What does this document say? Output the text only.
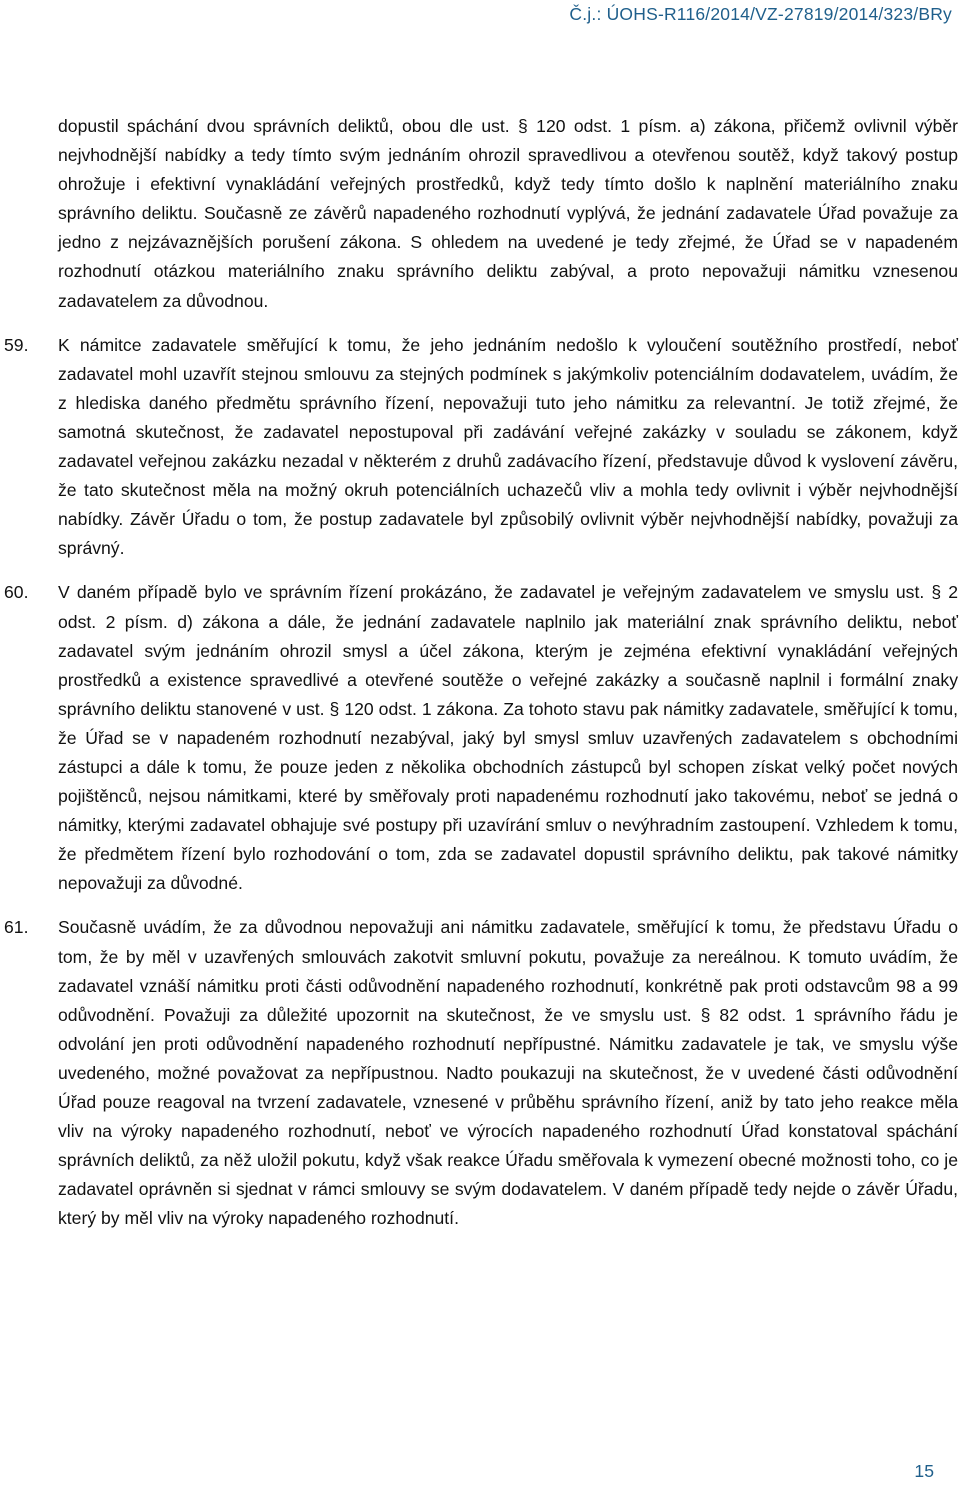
Č.j.: ÚOHS-R116/2014/VZ-27819/2014/323/BRy

dopustil spáchání dvou správních deliktů, obou dle ust. § 120 odst. 1 písm. a) zákona, přičemž ovlivnil výběr nejvhodnější nabídky a tedy tímto svým jednáním ohrozil spravedlivou a otevřenou soutěž, když takový postup ohrožuje i efektivní vynakládání veřejných prostředků, když tedy tímto došlo k naplnění materiálního znaku správního deliktu. Současně ze závěrů napadeného rozhodnutí vyplývá, že jednání zadavatele Úřad považuje za jedno z nejzávaznějších porušení zákona. S ohledem na uvedené je tedy zřejmé, že Úřad se v napadeném rozhodnutí otázkou materiálního znaku správního deliktu zabýval, a proto nepovažuji námitku vznesenou zadavatelem za důvodnou.

59.	K námitce zadavatele směřující k tomu, že jeho jednáním nedošlo k vyloučení soutěžního prostředí, neboť zadavatel mohl uzavřít stejnou smlouvu za stejných podmínek s jakýmkoliv potenciálním dodavatelem, uvádím, že z hlediska daného předmětu správního řízení, nepovažuji tuto jeho námitku za relevantní. Je totiž zřejmé, že samotná skutečnost, že zadavatel nepostupoval při zadávání veřejné zakázky v souladu se zákonem, když zadavatel veřejnou zakázku nezadal v některém z druhů zadávacího řízení, představuje důvod k vyslovení závěru, že tato skutečnost měla na možný okruh potenciálních uchazečů vliv a mohla tedy ovlivnit i výběr nejvhodnější nabídky. Závěr Úřadu o tom, že postup zadavatele byl způsobilý ovlivnit výběr nejvhodnější nabídky, považuji za správný.

60.	V daném případě bylo ve správním řízení prokázáno, že zadavatel je veřejným zadavatelem ve smyslu ust. § 2 odst. 2 písm. d) zákona a dále, že jednání zadavatele naplnilo jak materiální znak správního deliktu, neboť zadavatel svým jednáním ohrozil smysl a účel zákona, kterým je zejména efektivní vynakládání veřejných prostředků a existence spravedlivé a otevřené soutěže o veřejné zakázky a současně naplnil i formální znaky správního deliktu stanovené v ust. § 120 odst. 1 zákona. Za tohoto stavu pak námitky zadavatele, směřující k tomu, že Úřad se v napadeném rozhodnutí nezabýval, jaký byl smysl smluv uzavřených zadavatelem s obchodními zástupci a dále k tomu, že pouze jeden z několika obchodních zástupců byl schopen získat velký počet nových pojištěnců, nejsou námitkami, které by směřovaly proti napadenému rozhodnutí jako takovému, neboť se jedná o námitky, kterými zadavatel obhajuje své postupy při uzavírání smluv o nevýhradním zastoupení. Vzhledem k tomu, že předmětem řízení bylo rozhodování o tom, zda se zadavatel dopustil správního deliktu, pak takové námitky nepovažuji za důvodné.

61.	Současně uvádím, že za důvodnou nepovažuji ani námitku zadavatele, směřující k tomu, že představu Úřadu o tom, že by měl v uzavřených smlouvách zakotvit smluvní pokutu, považuje za nereálnou. K tomuto uvádím, že zadavatel vznáší námitku proti části odůvodnění napadeného rozhodnutí, konkrétně pak proti odstavcům 98 a 99 odůvodnění. Považuji za důležité upozornit na skutečnost, že ve smyslu ust. § 82 odst. 1 správního řádu je odvolání jen proti odůvodnění napadeného rozhodnutí nepřípustné. Námitku zadavatele je tak, ve smyslu výše uvedeného, možné považovat za nepřípustnou. Nadto poukazuji na skutečnost, že v uvedené části odůvodnění Úřad pouze reagoval na tvrzení zadavatele, vznesené v průběhu správního řízení, aniž by tato jeho reakce měla vliv na výroky napadeného rozhodnutí, neboť ve výrocích napadeného rozhodnutí Úřad konstatoval spáchání správních deliktů, za něž uložil pokutu, když však reakce Úřadu směřovala k vymezení obecné možnosti toho, co je zadavatel oprávněn si sjednat v rámci smlouvy se svým dodavatelem. V daném případě tedy nejde o závěr Úřadu, který by měl vliv na výroky napadeného rozhodnutí.

15
